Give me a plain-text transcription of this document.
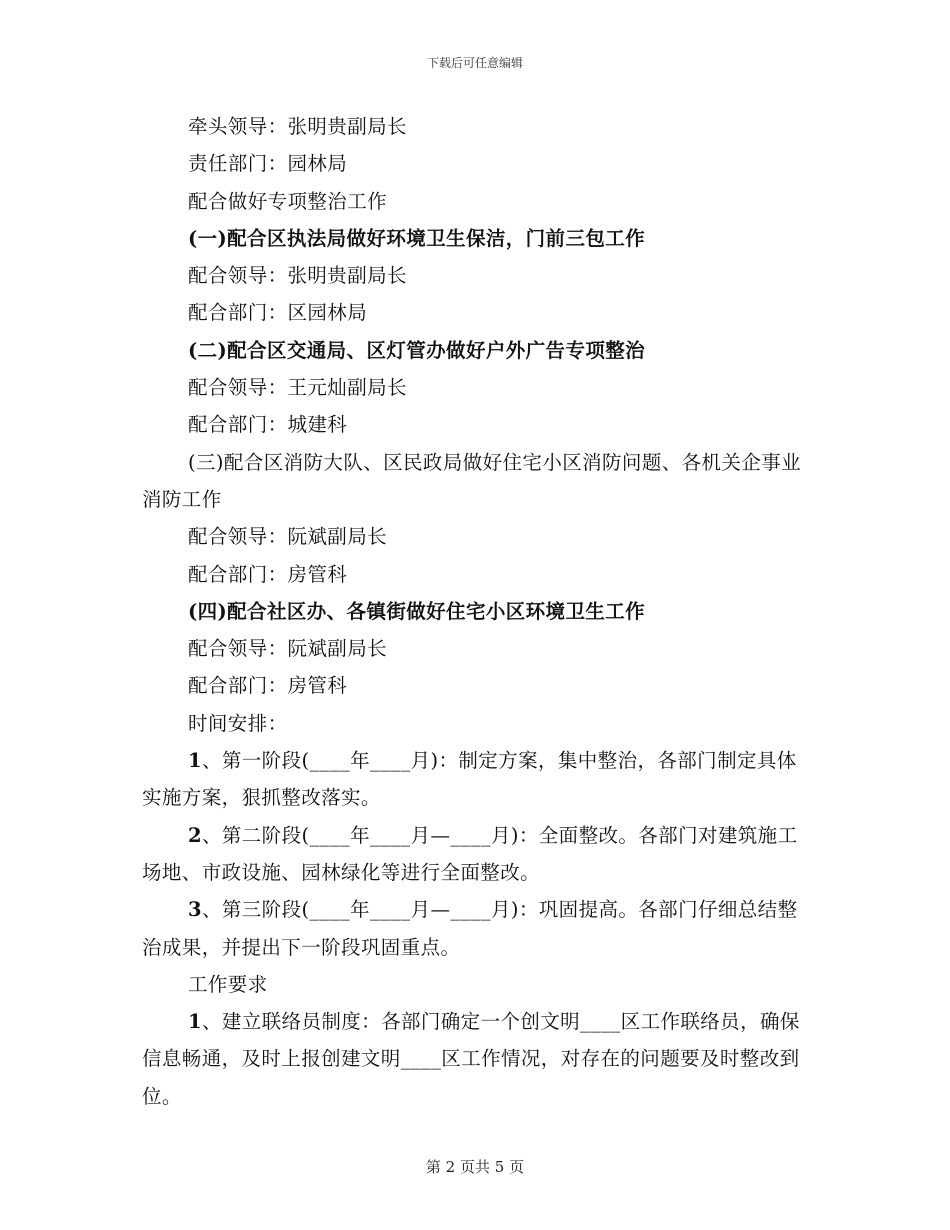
下载后可任意编辑

牵头领导：张明贵副局长

责任部门：园林局

配合做好专项整治工作

(一)配合区执法局做好环境卫生保洁，门前三包工作

配合领导：张明贵副局长

配合部门：区园林局

(二)配合区交通局、区灯管办做好户外广告专项整治

配合领导：王元灿副局长

配合部门：城建科

(三)配合区消防大队、区民政局做好住宅小区消防问题、各机关企事业消防工作

配合领导：阮斌副局长

配合部门：房管科

(四)配合社区办、各镇街做好住宅小区环境卫生工作

配合领导：阮斌副局长

配合部门：房管科

时间安排：

1、第一阶段(____年____月)：制定方案，集中整治，各部门制定具体实施方案，狠抓整改落实。

2、第二阶段(____年____月—____月)：全面整改。各部门对建筑施工场地、市政设施、园林绿化等进行全面整改。

3、第三阶段(____年____月—____月)：巩固提高。各部门仔细总结整治成果，并提出下一阶段巩固重点。

工作要求

1、建立联络员制度：各部门确定一个创文明____区工作联络员，确保信息畅通，及时上报创建文明____区工作情况，对存在的问题要及时整改到位。

第 2 页共 5 页
